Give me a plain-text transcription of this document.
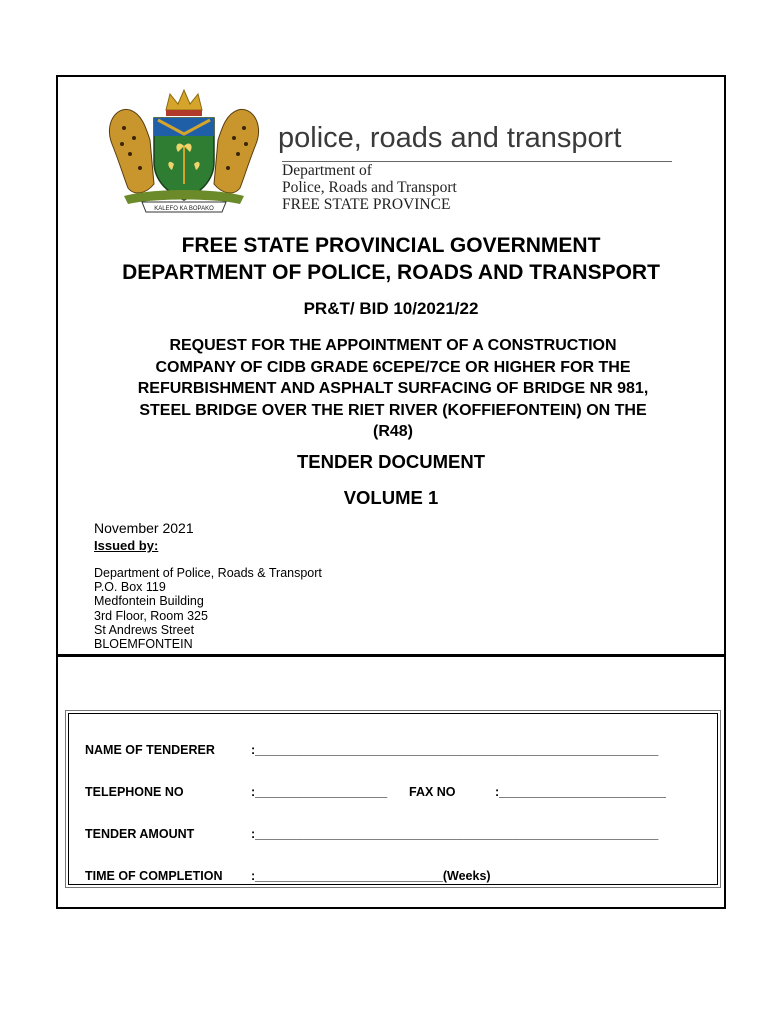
KALEFO KA BOPAKO
police, roads and transport
Department of
Police, Roads and Transport
FREE STATE PROVINCE
FREE STATE PROVINCIAL GOVERNMENT
DEPARTMENT OF POLICE, ROADS AND TRANSPORT
PR&T/ BID 10/2021/22
REQUEST FOR THE APPOINTMENT OF A CONSTRUCTION
COMPANY OF CIDB GRADE 6CEPE/7CE OR HIGHER FOR THE
REFURBISHMENT AND ASPHALT SURFACING OF BRIDGE NR 981,
STEEL BRIDGE OVER THE RIET RIVER (KOFFIEFONTEIN) ON THE
(R48)
TENDER DOCUMENT
VOLUME 1
November 2021
Issued by:
Department of Police, Roads & Transport
P.O. Box 119
Medfontein Building
3rd Floor, Room 325
St Andrews Street
BLOEMFONTEIN
NAME OF TENDERER	:__________________________________________________________
TELEPHONE NO	:___________________ FAX NO	:________________________
TENDER AMOUNT	:__________________________________________________________
TIME OF COMPLETION :___________________________(Weeks)
